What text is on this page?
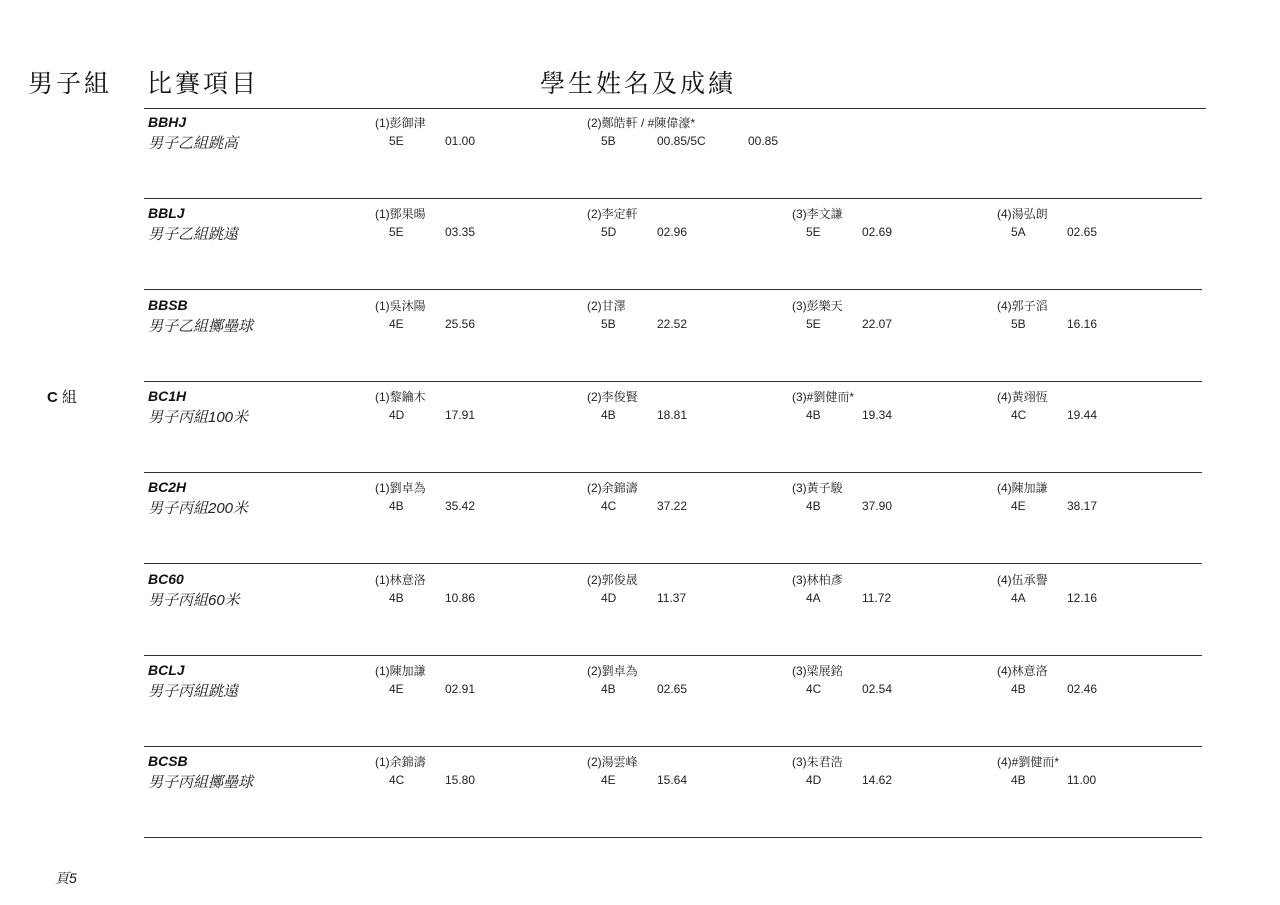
男子組 比賽項目	學生姓名及成績
C 組
BBHJ
男子乙組跳高
(1)彭御津
5E	01.00
(2)鄭皓軒 / #陳偉濠*
5B	00.85/5C	00.85
BBLJ
男子乙組跳遠
(1)鄧果暘
5E	03.35
(2)李定軒
5D	02.96
(3)李文謙
5E	02.69
(4)湯弘朗
5A	02.65
BBSB
男子乙組擲壘球
(1)吳沐陽
4E	25.56
(2)甘澤
5B	22.52
(3)彭樂天
5E	22.07
(4)郭子滔
5B	16.16
BC1H
男子丙組100米
(1)黎鑰木
4D	17.91
(2)李俊賢
4B	18.81
(3)#劉健而*
4B	19.34
(4)黃翊恆
4C	19.44
BC2H
男子丙組200米
(1)劉卓為
4B	35.42
(2)余錦濤
4C	37.22
(3)黃子駿
4B	37.90
(4)陳加謙
4E	38.17
BC60
男子丙組60米
(1)林意洛
4B	10.86
(2)郭俊晟
4D	11.37
(3)林柏彥
4A	11.72
(4)伍承譽
4A	12.16
BCLJ
男子丙組跳遠
(1)陳加謙
4E	02.91
(2)劉卓為
4B	02.65
(3)梁展銘
4C	02.54
(4)林意洛
4B	02.46
BCSB
男子丙組擲壘球
(1)余錦濤
4C	15.80
(2)湯雲峰
4E	15.64
(3)朱君浩
4D	14.62
(4)#劉健而*
4B	11.00
頁5
